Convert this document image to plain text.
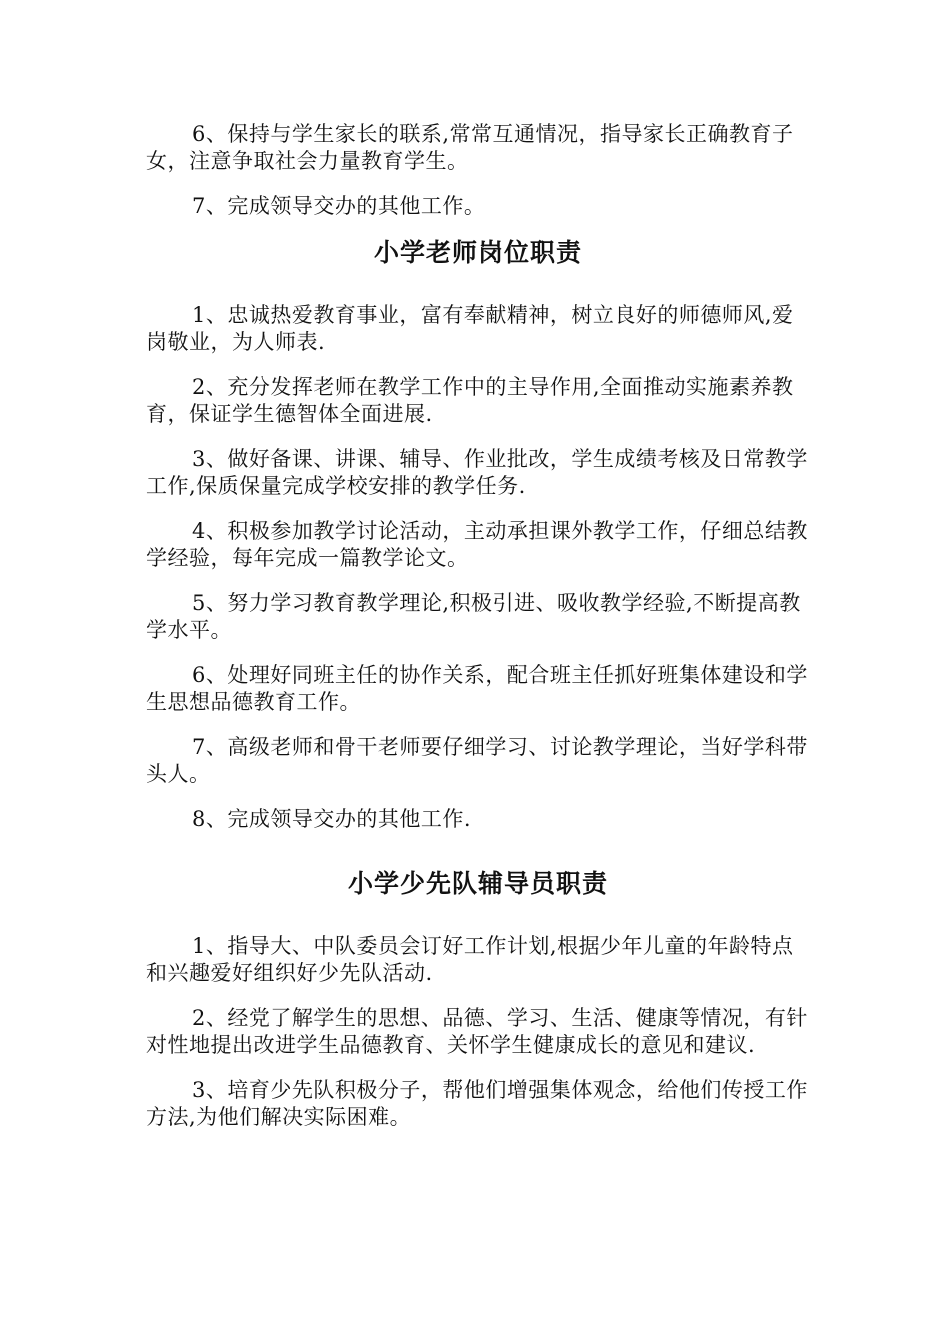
6、保持与学生家长的联系,常常互通情况，指导家长正确教育子女，注意争取社会力量教育学生。

7、完成领导交办的其他工作。

小学老师岗位职责

1、忠诚热爱教育事业，富有奉献精神，树立良好的师德师风,爱岗敬业，为人师表.

2、充分发挥老师在教学工作中的主导作用,全面推动实施素养教育，保证学生德智体全面进展.

3、做好备课、讲课、辅导、作业批改，学生成绩考核及日常教学工作,保质保量完成学校安排的教学任务.

4、积极参加教学讨论活动，主动承担课外教学工作，仔细总结教学经验，每年完成一篇教学论文。

5、努力学习教育教学理论,积极引进、吸收教学经验,不断提高教学水平。

6、处理好同班主任的协作关系，配合班主任抓好班集体建设和学生思想品德教育工作。

7、高级老师和骨干老师要仔细学习、讨论教学理论，当好学科带头人。

8、完成领导交办的其他工作.

小学少先队辅导员职责

1、指导大、中队委员会订好工作计划,根据少年儿童的年龄特点和兴趣爱好组织好少先队活动.

2、经党了解学生的思想、品德、学习、生活、健康等情况，有针对性地提出改进学生品德教育、关怀学生健康成长的意见和建议.

3、培育少先队积极分子，帮他们增强集体观念，给他们传授工作方法,为他们解决实际困难。
